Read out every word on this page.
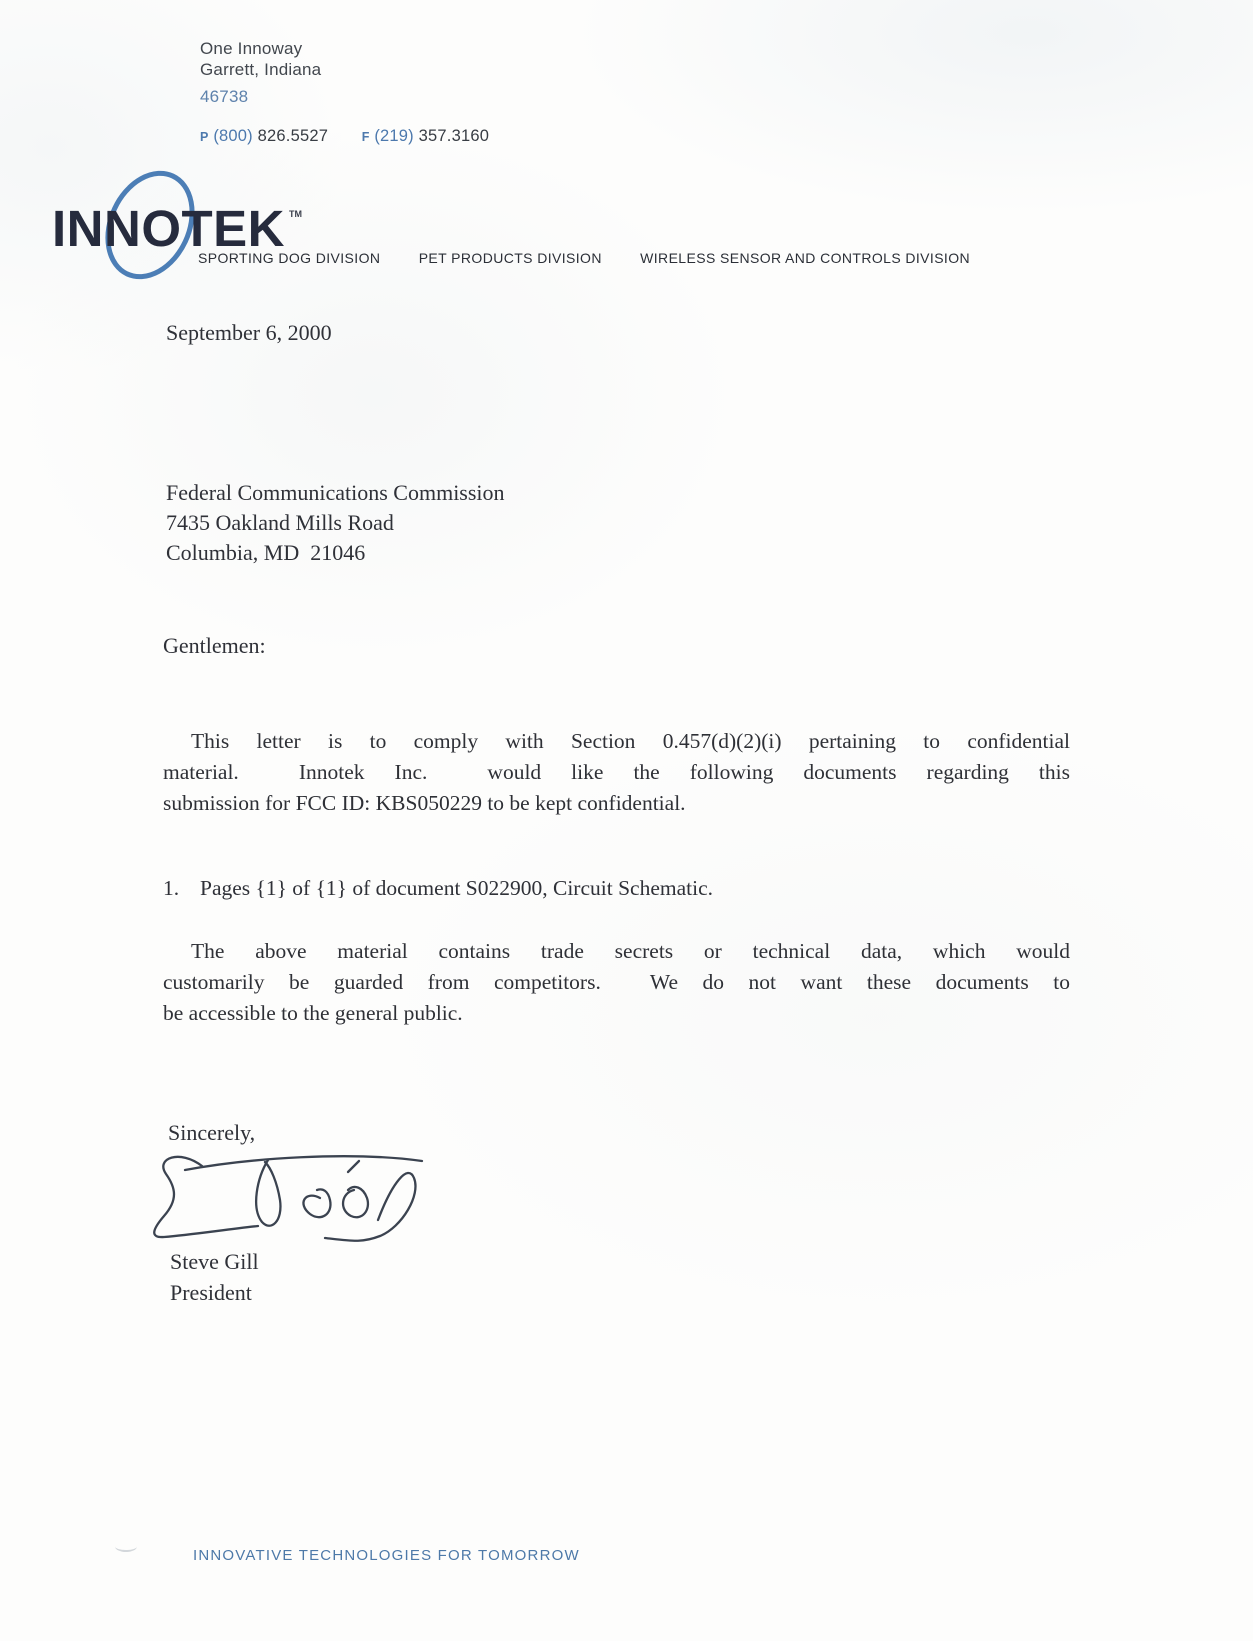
One Innoway
Garrett, Indiana
46738
P (800) 826.5527	F (219) 357.3160
INNOTEK TM
SPORTING DOG DIVISION	PET PRODUCTS DIVISION	WIRELESS SENSOR AND CONTROLS DIVISION
September 6, 2000
Federal Communications Commission
7435 Oakland Mills Road
Columbia, MD  21046
Gentlemen:
This letter is to comply with Section 0.457(d)(2)(i) pertaining to confidential
material.  Innotek Inc.  would like the following documents regarding this
submission for FCC ID: KBS050229 to be kept confidential.
1. Pages {1} of {1} of document S022900, Circuit Schematic.
The above material contains trade secrets or technical data, which would
customarily be guarded from competitors.  We do not want these documents to
be accessible to the general public.
Sincerely,
Steve Gill
President
INNOVATIVE TECHNOLOGIES FOR TOMORROW
